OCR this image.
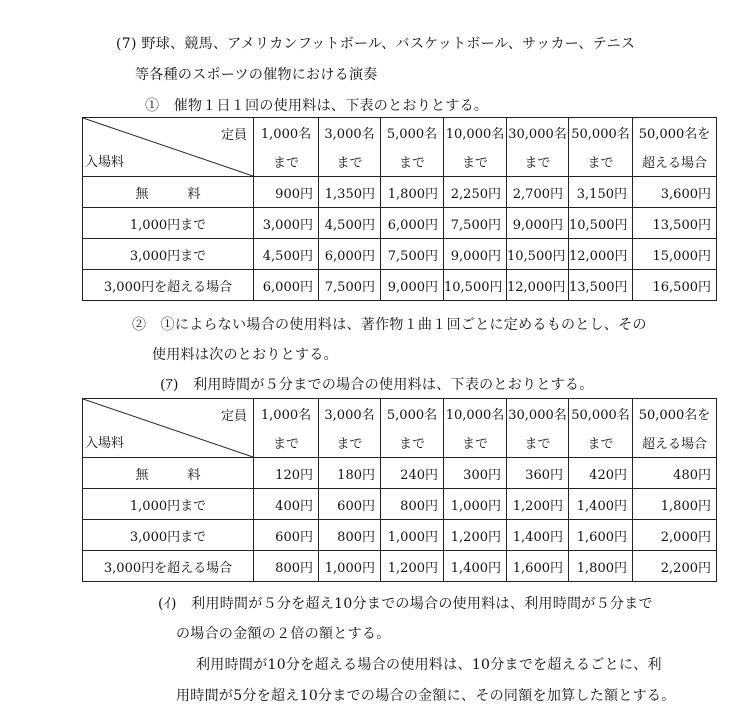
(7) 野球、競馬、アメリカンフットボール、バスケットボール、サッカー、テニス
等各種のスポーツの催物における演奏
①　催物１日１回の使用料は、下表のとおりとする。
定員
入場料	1,000名	3,000名	5,000名	10,000名	30,000名	50,000名	50,000名を
	まで	まで	まで	まで	まで	まで	超える場合
無　　　料	900円	1,350円	1,800円	2,250円	2,700円	3,150円	3,600円
1,000円まで	3,000円	4,500円	6,000円	7,500円	9,000円	10,500円	13,500円
3,000円まで	4,500円	6,000円	7,500円	9,000円	10,500円	12,000円	15,000円
3,000円を超える場合	6,000円	7,500円	9,000円	10,500円	12,000円	13,500円	16,500円
②　①によらない場合の使用料は、著作物１曲１回ごとに定めるものとし、その
使用料は次のとおりとする。
(ｱ)　利用時間が５分までの場合の使用料は、下表のとおりとする。
定員
入場料	1,000名	3,000名	5,000名	10,000名	30,000名	50,000名	50,000名を
	まで	まで	まで	まで	まで	まで	超える場合
無　　　料	120円	180円	240円	300円	360円	420円	480円
1,000円まで	400円	600円	800円	1,000円	1,200円	1,400円	1,800円
3,000円まで	600円	800円	1,000円	1,200円	1,400円	1,600円	2,000円
3,000円を超える場合	800円	1,000円	1,200円	1,400円	1,600円	1,800円	2,200円
(ｲ)　利用時間が５分を超え10分までの場合の使用料は、利用時間が５分まで
の場合の金額の２倍の額とする。
利用時間が10分を超える場合の使用料は、10分までを超えるごとに、利
用時間が5分を超え10分までの場合の金額に、その同額を加算した額とする。
